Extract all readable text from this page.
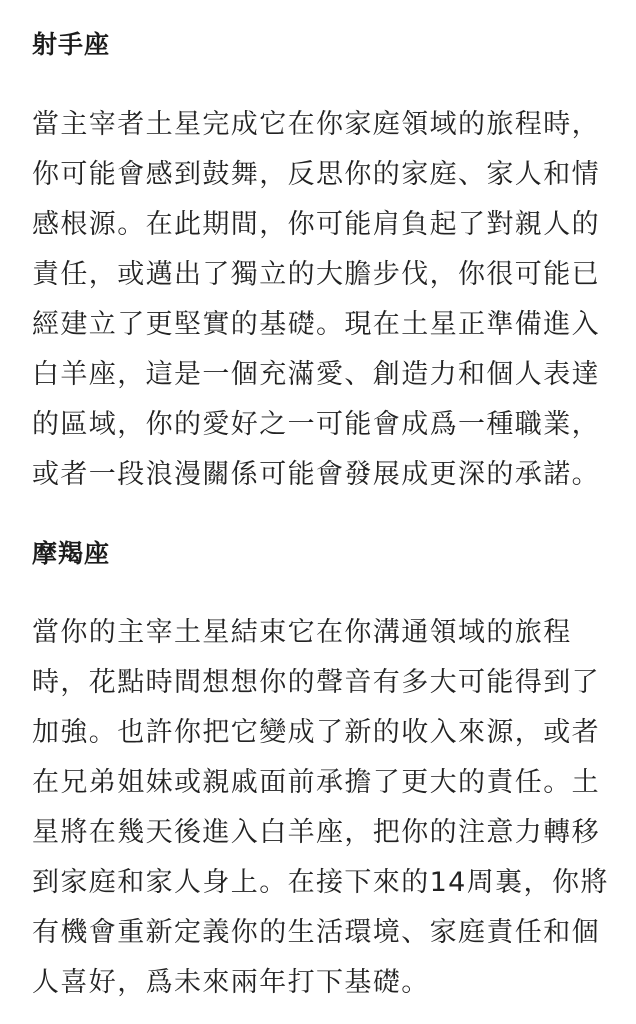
射手座
當主宰者土星完成它在你家庭領域的旅程時，
你可能會感到鼓舞，反思你的家庭、家人和情
感根源。在此期間，你可能肩負起了對親人的
責任，或邁出了獨立的大膽步伐，你很可能已
經建立了更堅實的基礎。現在土星正準備進入
白羊座，這是一個充滿愛、創造力和個人表達
的區域，你的愛好之一可能會成爲一種職業，
或者一段浪漫關係可能會發展成更深的承諾。
摩羯座
當你的主宰土星結束它在你溝通領域的旅程
時，花點時間想想你的聲音有多大可能得到了
加強。也許你把它變成了新的收入來源，或者
在兄弟姐妹或親戚面前承擔了更大的責任。土
星將在幾天後進入白羊座，把你的注意力轉移
到家庭和家人身上。在接下來的14周裏，你將
有機會重新定義你的生活環境、家庭責任和個
人喜好，爲未來兩年打下基礎。
